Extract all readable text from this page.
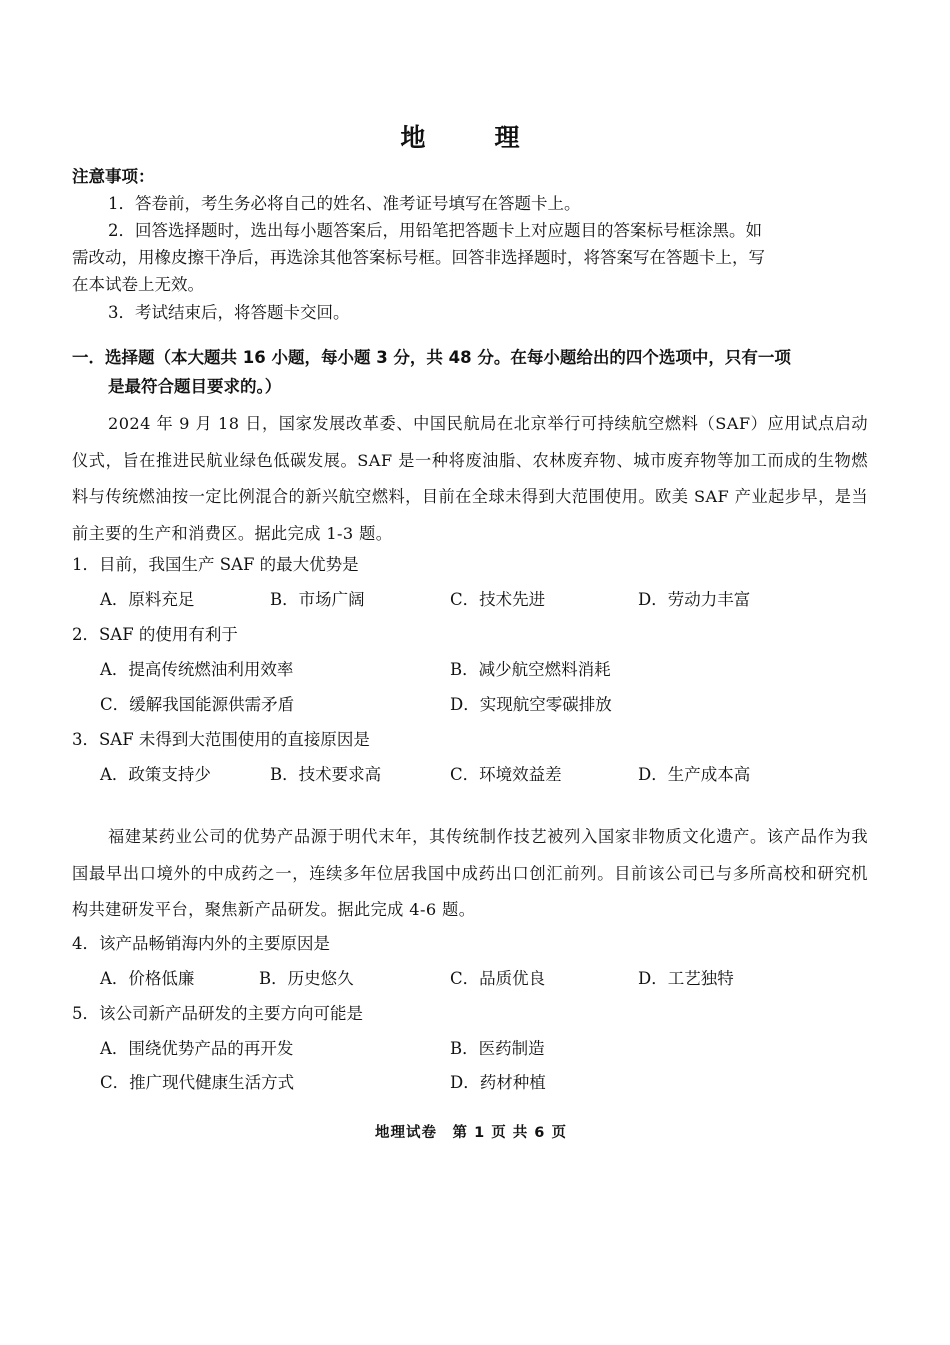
地　理
注意事项：
1．答卷前，考生务必将自己的姓名、准考证号填写在答题卡上。
2．回答选择题时，选出每小题答案后，用铅笔把答题卡上对应题目的答案标号框涂黑。如
需改动，用橡皮擦干净后，再选涂其他答案标号框。回答非选择题时，将答案写在答题卡上，写
在本试卷上无效。
3．考试结束后，将答题卡交回。
一．选择题（本大题共 16 小题，每小题 3 分，共 48 分。在每小题给出的四个选项中，只有一项
是最符合题目要求的。）
2024 年 9 月 18 日，国家发展改革委、中国民航局在北京举行可持续航空燃料（SAF）应用试点启动仪式，旨在推进民航业绿色低碳发展。SAF 是一种将废油脂、农林废弃物、城市废弃物等加工而成的生物燃料与传统燃油按一定比例混合的新兴航空燃料，目前在全球未得到大范围使用。欧美 SAF 产业起步早，是当前主要的生产和消费区。据此完成 1-3 题。
1．目前，我国生产 SAF 的最大优势是
A．原料充足	B．市场广阔	C．技术先进	D．劳动力丰富
2．SAF 的使用有利于
A．提高传统燃油利用效率	B．减少航空燃料消耗
C．缓解我国能源供需矛盾	D．实现航空零碳排放
3．SAF 未得到大范围使用的直接原因是
A．政策支持少	B．技术要求高	C．环境效益差	D．生产成本高
福建某药业公司的优势产品源于明代末年，其传统制作技艺被列入国家非物质文化遗产。该产品作为我国最早出口境外的中成药之一，连续多年位居我国中成药出口创汇前列。目前该公司已与多所高校和研究机构共建研发平台，聚焦新产品研发。据此完成 4-6 题。
4．该产品畅销海内外的主要原因是
A．价格低廉	B．历史悠久	C．品质优良	D．工艺独特
5．该公司新产品研发的主要方向可能是
A．围绕优势产品的再开发	B．医药制造
C．推广现代健康生活方式	D．药材种植
地理试卷　第 1 页 共 6 页
